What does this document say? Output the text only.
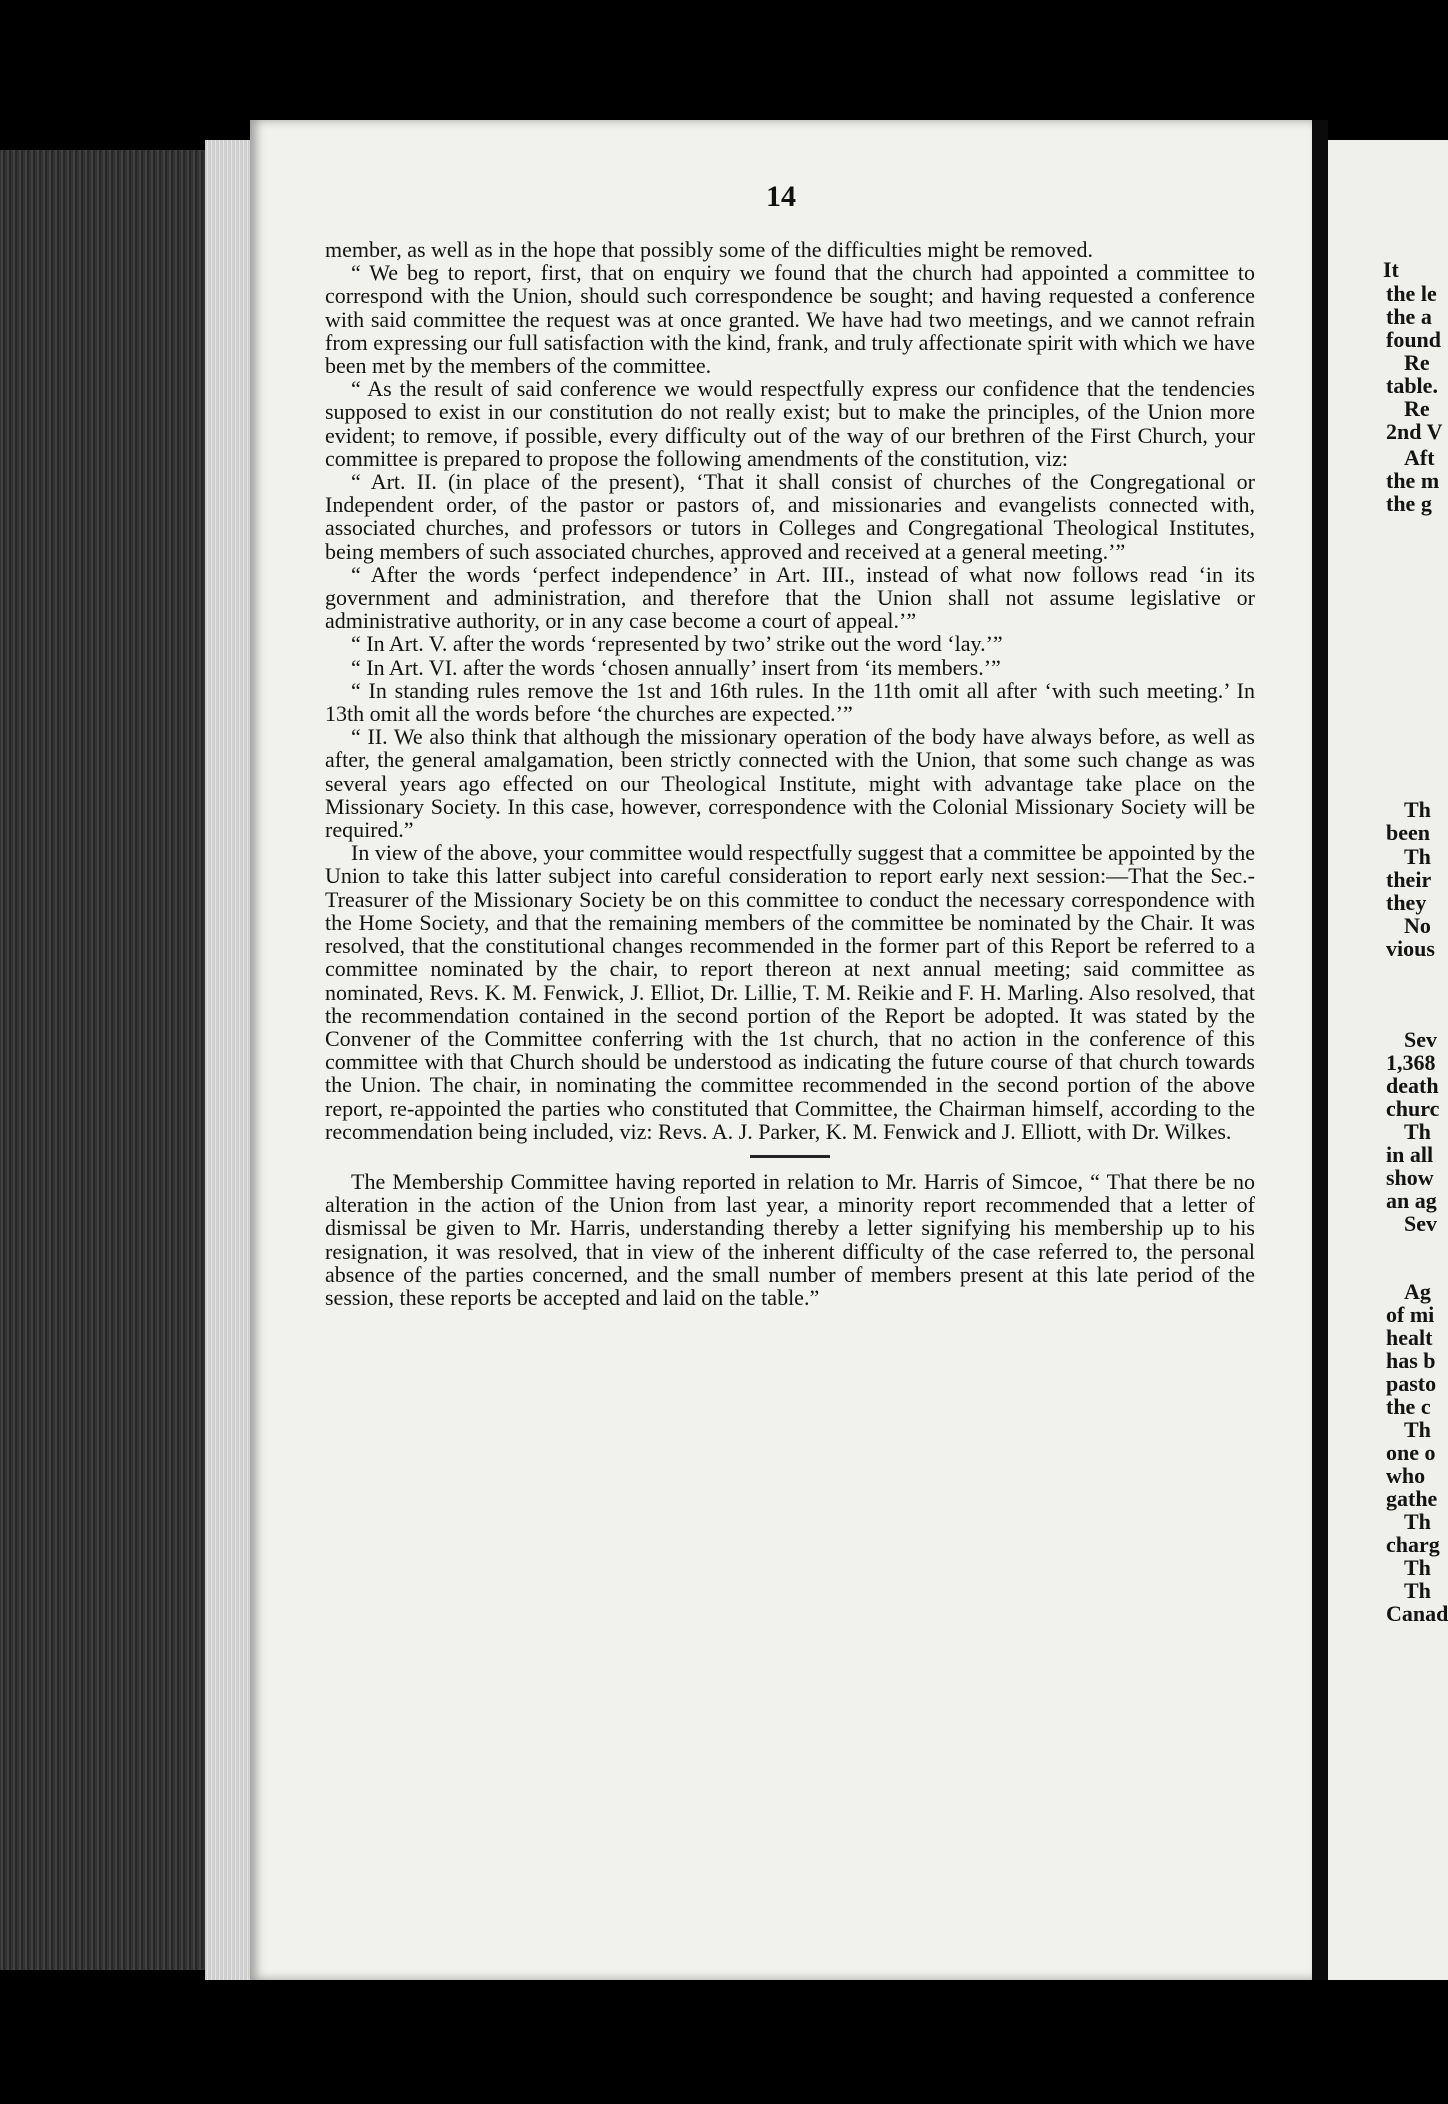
14

member, as well as in the hope that possibly some of the difficulties might be removed.

“ We beg to report, first, that on enquiry we found that the church had appointed a committee to correspond with the Union, should such correspondence be sought; and having requested a conference with said committee the request was at once granted. We have had two meetings, and we cannot refrain from expressing our full satisfaction with the kind, frank, and truly affectionate spirit with which we have been met by the members of the committee.

“ As the result of said conference we would respectfully express our confidence that the tendencies supposed to exist in our constitution do not really exist; but to make the principles, of the Union more evident; to remove, if possible, every difficulty out of the way of our brethren of the First Church, your committee is prepared to propose the following amendments of the constitution, viz:

“ Art. II. (in place of the present), ‘That it shall consist of churches of the Congregational or Independent order, of the pastor or pastors of, and missionaries and evangelists connected with, associated churches, and professors or tutors in Colleges and Congregational Theological Institutes, being members of such associated churches, approved and received at a general meeting.’”

“ After the words ‘perfect independence’ in Art. III., instead of what now follows read ‘in its government and administration, and therefore that the Union shall not assume legislative or administrative authority, or in any case become a court of appeal.’”

“ In Art. V. after the words ‘represented by two’ strike out the word ‘lay.’”

“ In Art. VI. after the words ‘chosen annually’ insert from ‘its members.’”

“ In standing rules remove the 1st and 16th rules. In the 11th omit all after ‘with such meeting.’ In 13th omit all the words before ‘the churches are expected.’”

“ II. We also think that although the missionary operation of the body have always before, as well as after, the general amalgamation, been strictly connected with the Union, that some such change as was several years ago effected on our Theological Institute, might with advantage take place on the Missionary Society. In this case, however, correspondence with the Colonial Missionary Society will be required.”

In view of the above, your committee would respectfully suggest that a committee be appointed by the Union to take this latter subject into careful consideration to report early next session:—That the Sec.-Treasurer of the Missionary Society be on this committee to conduct the necessary correspondence with the Home Society, and that the remaining members of the committee be nominated by the Chair. It was resolved, that the constitutional changes recommended in the former part of this Report be referred to a committee nominated by the chair, to report thereon at next annual meeting; said committee as nominated, Revs. K. M. Fenwick, J. Elliot, Dr. Lillie, T. M. Reikie and F. H. Marling. Also resolved, that the recommendation contained in the second portion of the Report be adopted. It was stated by the Convener of the Committee conferring with the 1st church, that no action in the conference of this committee with that Church should be understood as indicating the future course of that church towards the Union. The chair, in nominating the committee recommended in the second portion of the above report, re-appointed the parties who constituted that Committee, the Chairman himself, according to the recommendation being included, viz: Revs. A. J. Parker, K. M. Fenwick and J. Elliott, with Dr. Wilkes.

The Membership Committee having reported in relation to Mr. Harris of Simcoe, “ That there be no alteration in the action of the Union from last year, a minority report recommended that a letter of dismissal be given to Mr. Harris, understanding thereby a letter signifying his membership up to his resignation, it was resolved, that in view of the inherent difficulty of the case referred to, the personal absence of the parties concerned, and the small number of members present at this late period of the session, these reports be accepted and laid on the table.”

It
the le
the a
found
Re
table.
Re
2nd V
Aft
the m
the g
Th
been
Th
their
they
No
vious
Sev
1,368
death
churc
Th
in all
show
an ag
Sev
Ag
of mi
healt
has b
pasto
the c
Th
one o
who
gathe
Th
charg
Th
Th
Canad
